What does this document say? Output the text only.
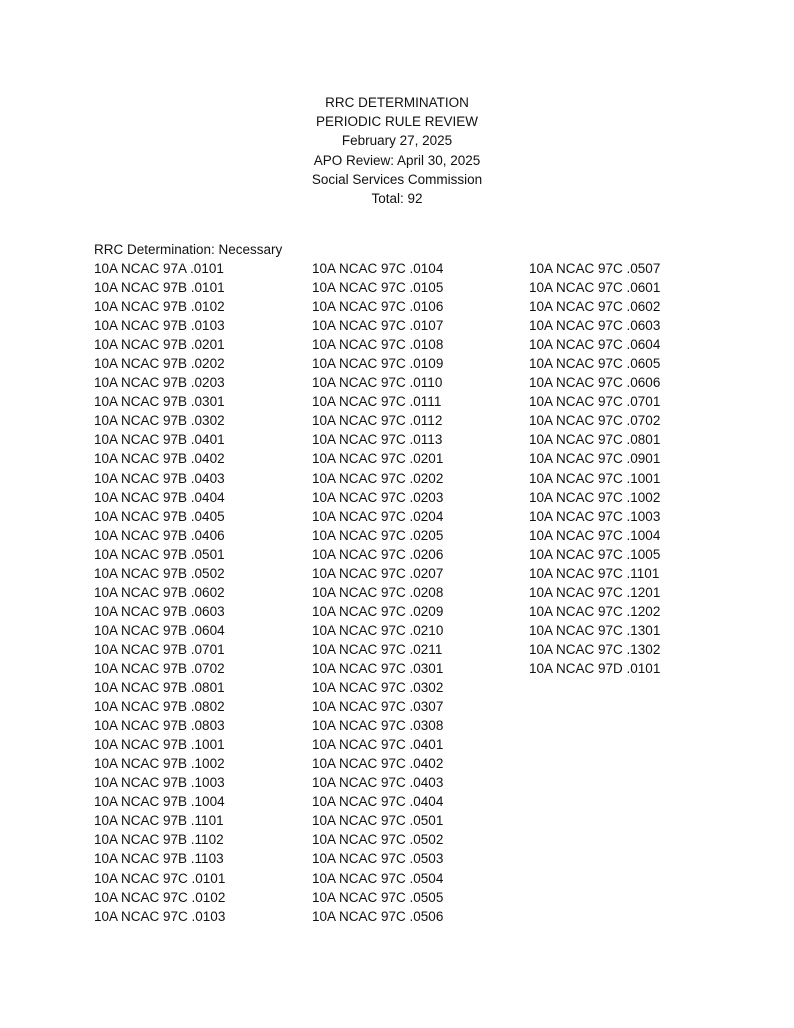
RRC DETERMINATION
PERIODIC RULE REVIEW
February 27, 2025
APO Review: April 30, 2025
Social Services Commission
Total: 92
RRC Determination: Necessary
10A NCAC 97A .0101
10A NCAC 97B .0101
10A NCAC 97B .0102
10A NCAC 97B .0103
10A NCAC 97B .0201
10A NCAC 97B .0202
10A NCAC 97B .0203
10A NCAC 97B .0301
10A NCAC 97B .0302
10A NCAC 97B .0401
10A NCAC 97B .0402
10A NCAC 97B .0403
10A NCAC 97B .0404
10A NCAC 97B .0405
10A NCAC 97B .0406
10A NCAC 97B .0501
10A NCAC 97B .0502
10A NCAC 97B .0602
10A NCAC 97B .0603
10A NCAC 97B .0604
10A NCAC 97B .0701
10A NCAC 97B .0702
10A NCAC 97B .0801
10A NCAC 97B .0802
10A NCAC 97B .0803
10A NCAC 97B .1001
10A NCAC 97B .1002
10A NCAC 97B .1003
10A NCAC 97B .1004
10A NCAC 97B .1101
10A NCAC 97B .1102
10A NCAC 97B .1103
10A NCAC 97C .0101
10A NCAC 97C .0102
10A NCAC 97C .0103
10A NCAC 97C .0104
10A NCAC 97C .0105
10A NCAC 97C .0106
10A NCAC 97C .0107
10A NCAC 97C .0108
10A NCAC 97C .0109
10A NCAC 97C .0110
10A NCAC 97C .0111
10A NCAC 97C .0112
10A NCAC 97C .0113
10A NCAC 97C .0201
10A NCAC 97C .0202
10A NCAC 97C .0203
10A NCAC 97C .0204
10A NCAC 97C .0205
10A NCAC 97C .0206
10A NCAC 97C .0207
10A NCAC 97C .0208
10A NCAC 97C .0209
10A NCAC 97C .0210
10A NCAC 97C .0211
10A NCAC 97C .0301
10A NCAC 97C .0302
10A NCAC 97C .0307
10A NCAC 97C .0308
10A NCAC 97C .0401
10A NCAC 97C .0402
10A NCAC 97C .0403
10A NCAC 97C .0404
10A NCAC 97C .0501
10A NCAC 97C .0502
10A NCAC 97C .0503
10A NCAC 97C .0504
10A NCAC 97C .0505
10A NCAC 97C .0506
10A NCAC 97C .0507
10A NCAC 97C .0601
10A NCAC 97C .0602
10A NCAC 97C .0603
10A NCAC 97C .0604
10A NCAC 97C .0605
10A NCAC 97C .0606
10A NCAC 97C .0701
10A NCAC 97C .0702
10A NCAC 97C .0801
10A NCAC 97C .0901
10A NCAC 97C .1001
10A NCAC 97C .1002
10A NCAC 97C .1003
10A NCAC 97C .1004
10A NCAC 97C .1005
10A NCAC 97C .1101
10A NCAC 97C .1201
10A NCAC 97C .1202
10A NCAC 97C .1301
10A NCAC 97C .1302
10A NCAC 97D .0101
